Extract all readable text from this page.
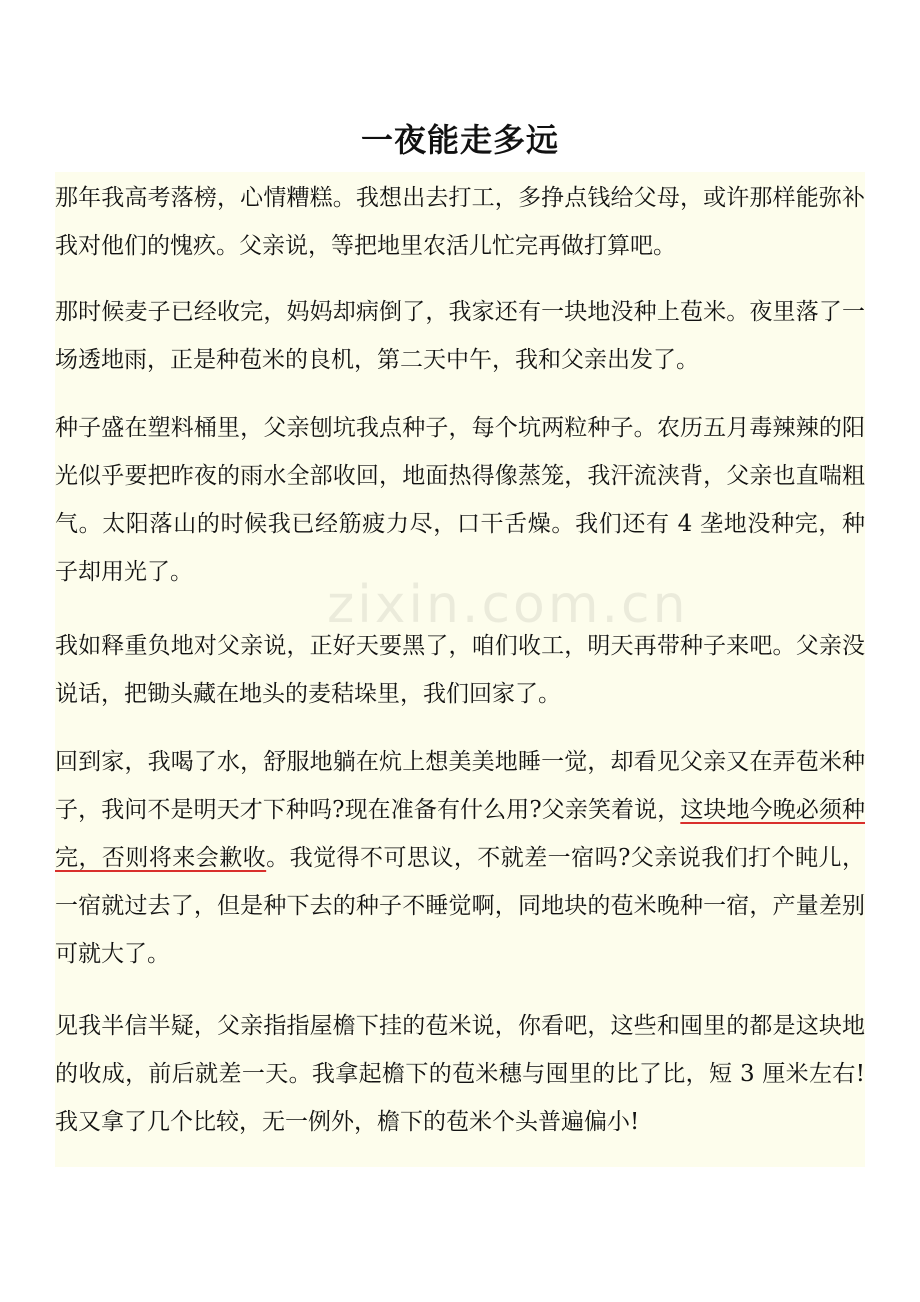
一夜能走多远

那年我高考落榜，心情糟糕。我想出去打工，多挣点钱给父母，或许那样能弥补我对他们的愧疚。父亲说，等把地里农活儿忙完再做打算吧。

那时候麦子已经收完，妈妈却病倒了，我家还有一块地没种上苞米。夜里落了一场透地雨，正是种苞米的良机，第二天中午，我和父亲出发了。

种子盛在塑料桶里，父亲刨坑我点种子，每个坑两粒种子。农历五月毒辣辣的阳光似乎要把昨夜的雨水全部收回，地面热得像蒸笼，我汗流浃背，父亲也直喘粗气。太阳落山的时候我已经筋疲力尽，口干舌燥。我们还有 4 垄地没种完，种子却用光了。

我如释重负地对父亲说，正好天要黑了，咱们收工，明天再带种子来吧。父亲没说话，把锄头藏在地头的麦秸垛里，我们回家了。

回到家，我喝了水，舒服地躺在炕上想美美地睡一觉，却看见父亲又在弄苞米种子，我问不是明天才下种吗?现在准备有什么用?父亲笑着说，这块地今晚必须种完，否则将来会歉收。我觉得不可思议，不就差一宿吗?父亲说我们打个盹儿，一宿就过去了，但是种下去的种子不睡觉啊，同地块的苞米晚种一宿，产量差别可就大了。

见我半信半疑，父亲指指屋檐下挂的苞米说，你看吧，这些和囤里的都是这块地的收成，前后就差一天。我拿起檐下的苞米穗与囤里的比了比，短 3 厘米左右!我又拿了几个比较，无一例外，檐下的苞米个头普遍偏小!

zixin.com.cn
